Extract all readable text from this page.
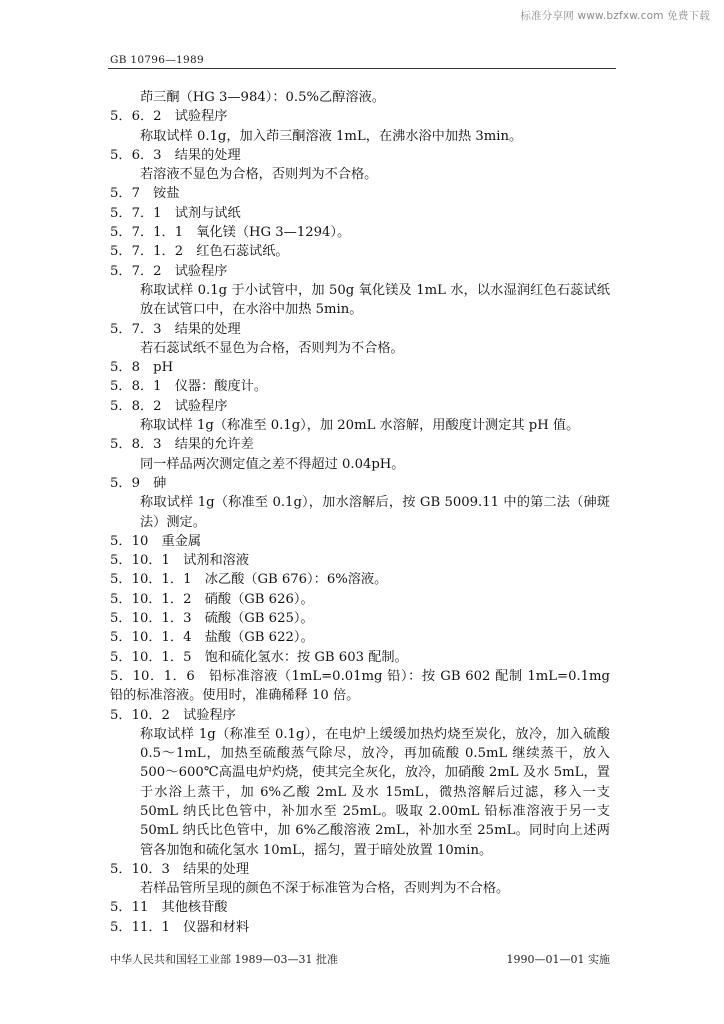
标准分享网 www.bzfxw.com 免费下载
GB 10796—1989
茚三酮（HG 3—984）：0.5%乙醇溶液。
5．6．2　试验程序
称取试样 0.1g，加入茚三酮溶液 1mL，在沸水浴中加热 3min。
5．6．3　结果的处理
若溶液不显色为合格，否则判为不合格。
5．7　铵盐
5．7．1　试剂与试纸
5．7．1．1　氧化镁（HG 3—1294）。
5．7．1．2　红色石蕊试纸。
5．7．2　试验程序
称取试样 0.1g 于小试管中，加 50g 氧化镁及 1mL 水，以水湿润红色石蕊试纸放在试管口中，在水浴中加热 5min。
5．7．3　结果的处理
若石蕊试纸不显色为合格，否则判为不合格。
5．8　pH
5．8．1　仪器：酸度计。
5．8．2　试验程序
称取试样 1g（称准至 0.1g），加 20mL 水溶解，用酸度计测定其 pH 值。
5．8．3　结果的允许差
同一样品两次测定值之差不得超过 0.04pH。
5．9　砷
称取试样 1g（称准至 0.1g），加水溶解后，按 GB 5009.11 中的第二法（砷斑法）测定。
5．10　重金属
5．10．1　试剂和溶液
5．10．1．1　冰乙酸（GB 676）：6%溶液。
5．10．1．2　硝酸（GB 626）。
5．10．1．3　硫酸（GB 625）。
5．10．1．4　盐酸（GB 622）。
5．10．1．5　饱和硫化氢水：按 GB 603 配制。
5．10．1．6　铅标准溶液（1mL=0.01mg 铅）：按 GB 602 配制 1mL=0.1mg 铅的标准溶液。使用时，准确稀释 10 倍。
5．10．2　试验程序
称取试样 1g（称准至 0.1g），在电炉上缓缓加热灼烧至炭化，放冷，加入硫酸 0.5～1mL，加热至硫酸蒸气除尽，放冷，再加硫酸 0.5mL 继续蒸干，放入 500～600℃高温电炉灼烧，使其完全灰化，放冷，加硝酸 2mL 及水 5mL，置于水浴上蒸干，加 6%乙酸 2mL 及水 15mL，微热溶解后过滤，移入一支 50mL 纳氏比色管中，补加水至 25mL。吸取 2.00mL 铅标准溶液于另一支 50mL 纳氏比色管中，加 6%乙酸溶液 2mL，补加水至 25mL。同时向上述两管各加饱和硫化氢水 10mL，摇匀，置于暗处放置 10min。
5．10．3　结果的处理
若样品管所呈现的颜色不深于标准管为合格，否则判为不合格。
5．11　其他核苷酸
5．11．1　仪器和材料
中华人民共和国轻工业部 1989—03—31 批准	1990—01—01 实施
